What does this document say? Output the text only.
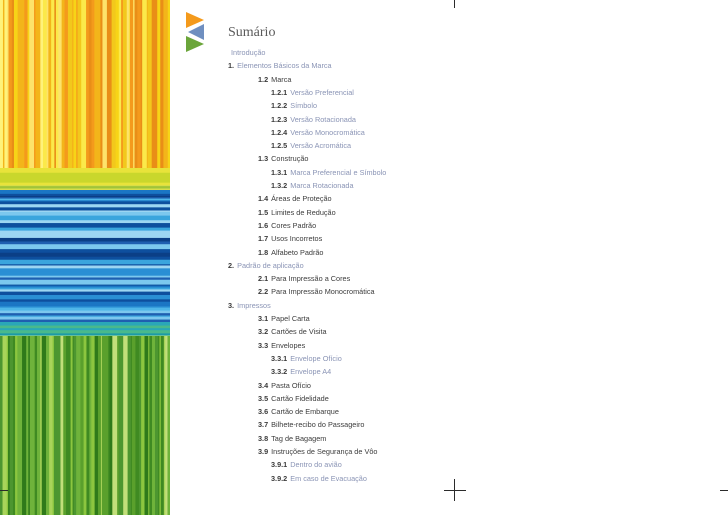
Sumário
Introdução
1. Elementos Básicos da Marca
1.2 Marca
1.2.1 Versão Preferencial
1.2.2 Símbolo
1.2.3 Versão Rotacionada
1.2.4 Versão Monocromática
1.2.5 Versão Acromática
1.3 Construção
1.3.1 Marca Preferencial e Símbolo
1.3.2 Marca Rotacionada
1.4 Áreas de Proteção
1.5 Limites de Redução
1.6 Cores Padrão
1.7 Usos Incorretos
1.8 Alfabeto Padrão
2. Padrão de aplicação
2.1 Para Impressão a Cores
2.2 Para Impressão Monocromática
3. Impressos
3.1 Papel Carta
3.2 Cartões de Visita
3.3 Envelopes
3.3.1 Envelope Ofício
3.3.2 Envelope A4
3.4 Pasta Ofício
3.5 Cartão Fidelidade
3.6 Cartão de Embarque
3.7 Bilhete-recibo do Passageiro
3.8 Tag de Bagagem
3.9 Instruções de Segurança de Vôo
3.9.1 Dentro do avião
3.9.2 Em caso de Evacuação
